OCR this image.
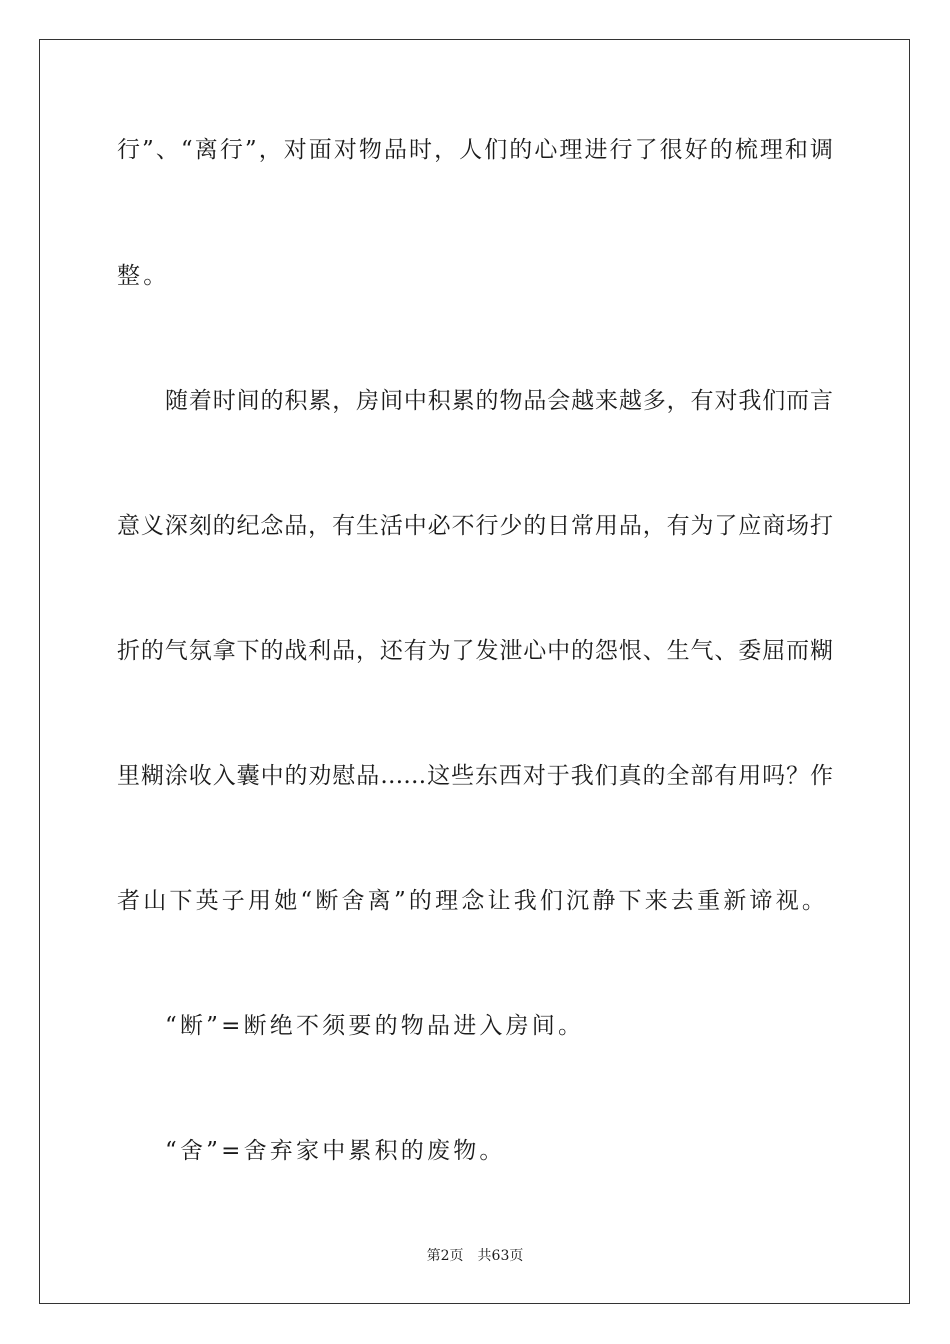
行”、“离行”，对面对物品时，人们的心理进行了很好的梳理和调
整。
随着时间的积累，房间中积累的物品会越来越多，有对我们而言
意义深刻的纪念品，有生活中必不行少的日常用品，有为了应商场打
折的气氛拿下的战利品，还有为了发泄心中的怨恨、生气、委屈而糊
里糊涂收入囊中的劝慰品……这些东西对于我们真的全部有用吗？作
者山下英子用她“断舍离”的理念让我们沉静下来去重新谛视。
“断”=断绝不须要的物品进入房间。
“舍”=舍弃家中累积的废物。
第2页 共63页
